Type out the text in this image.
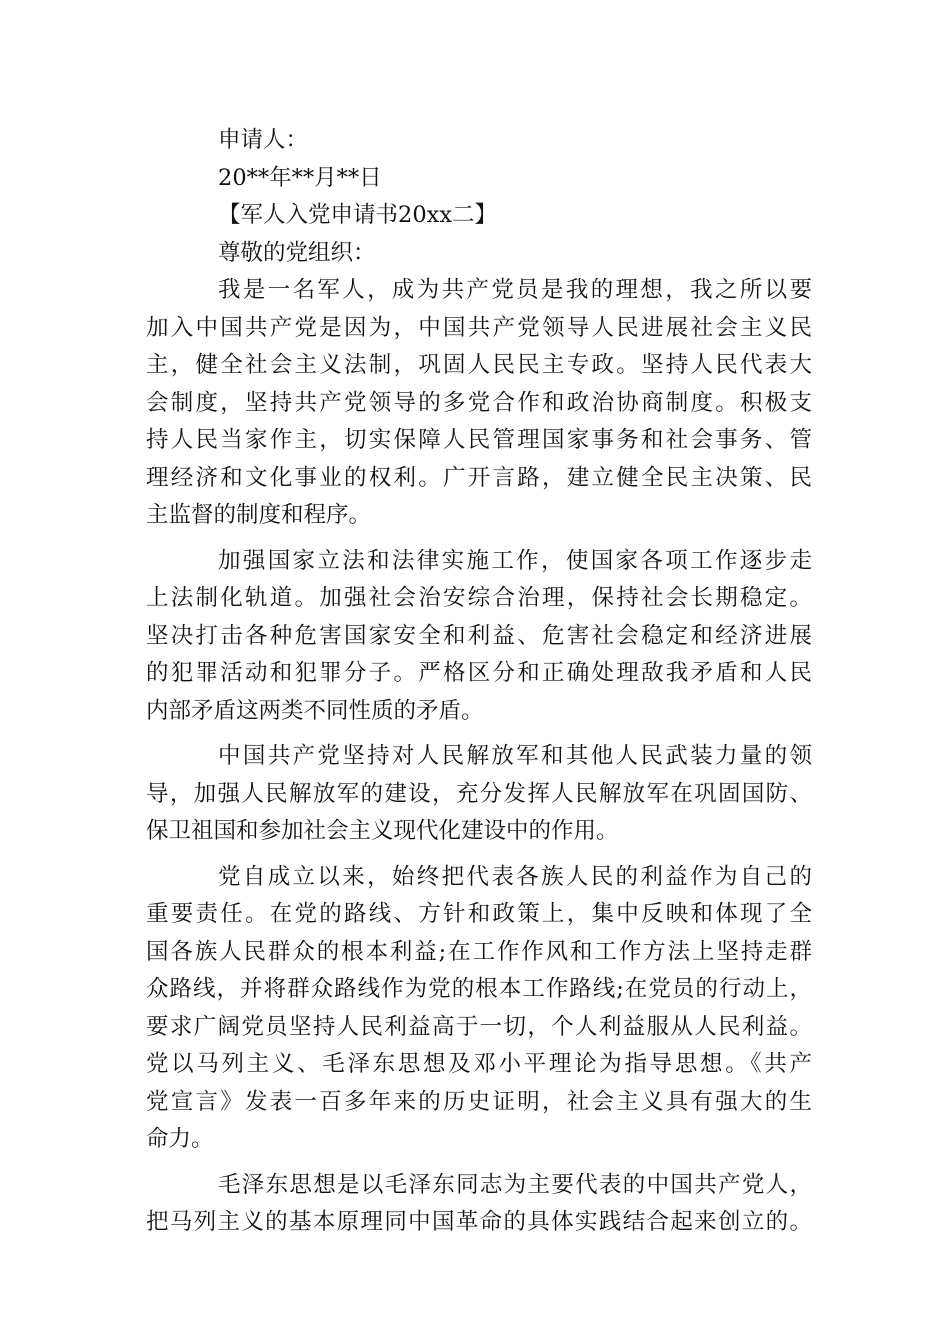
申请人：
20**年**月**日
【军人入党申请书20xx二】
尊敬的党组织：
我是一名军人，成为共产党员是我的理想，我之所以要
加入中国共产党是因为，中国共产党领导人民进展社会主义民
主，健全社会主义法制，巩固人民民主专政。坚持人民代表大
会制度，坚持共产党领导的多党合作和政治协商制度。积极支
持人民当家作主，切实保障人民管理国家事务和社会事务、管
理经济和文化事业的权利。广开言路，建立健全民主决策、民
主监督的制度和程序。
加强国家立法和法律实施工作，使国家各项工作逐步走
上法制化轨道。加强社会治安综合治理，保持社会长期稳定。
坚决打击各种危害国家安全和利益、危害社会稳定和经济进展
的犯罪活动和犯罪分子。严格区分和正确处理敌我矛盾和人民
内部矛盾这两类不同性质的矛盾。
中国共产党坚持对人民解放军和其他人民武装力量的领
导，加强人民解放军的建设，充分发挥人民解放军在巩固国防、
保卫祖国和参加社会主义现代化建设中的作用。
党自成立以来，始终把代表各族人民的利益作为自己的
重要责任。在党的路线、方针和政策上，集中反映和体现了全
国各族人民群众的根本利益;在工作作风和工作方法上坚持走群
众路线，并将群众路线作为党的根本工作路线;在党员的行动上，
要求广阔党员坚持人民利益高于一切，个人利益服从人民利益。
党以马列主义、毛泽东思想及邓小平理论为指导思想。《共产
党宣言》发表一百多年来的历史证明，社会主义具有强大的生
命力。
毛泽东思想是以毛泽东同志为主要代表的中国共产党人，
把马列主义的基本原理同中国革命的具体实践结合起来创立的。
